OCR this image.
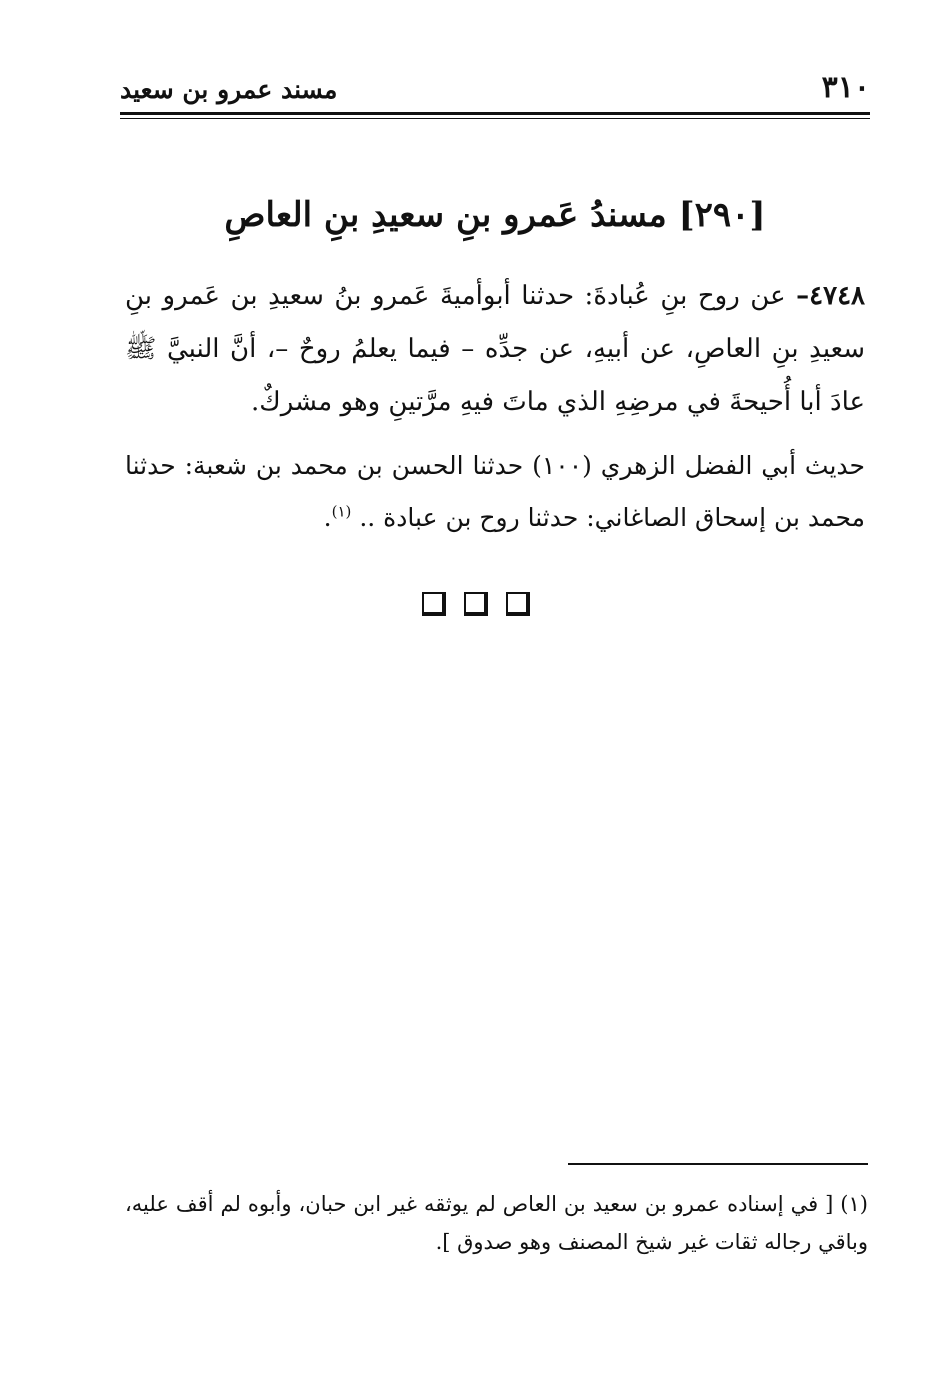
٣١٠
مسند عمرو بن سعيد
[٢٩٠] مسندُ عَمرو بنِ سعيدِ بنِ العاصِ
٤٧٤٨– عن روح بنِ عُبادةَ: حدثنا أبوأميةَ عَمرو بنُ سعيدِ بن عَمرو بنِ سعيدِ بنِ العاصِ، عن أبيهِ، عن جدِّه – فيما يعلمُ روحٌ –، أنَّ النبيَّ ﷺ عادَ أبا أُحيحةَ في مرضِهِ الذي ماتَ فيهِ مرَّتينِ وهو مشركٌ.
حديث أبي الفضل الزهري (١٠٠) حدثنا الحسن بن محمد بن شعبة: حدثنا محمد بن إسحاق الصاغاني: حدثنا روح بن عبادة .. $^{(١)}$.
(١) [ في إسناده عمرو بن سعيد بن العاص لم يوثقه غير ابن حبان، وأبوه لم أقف عليه، وباقي رجاله ثقات غير شيخ المصنف وهو صدوق ].
